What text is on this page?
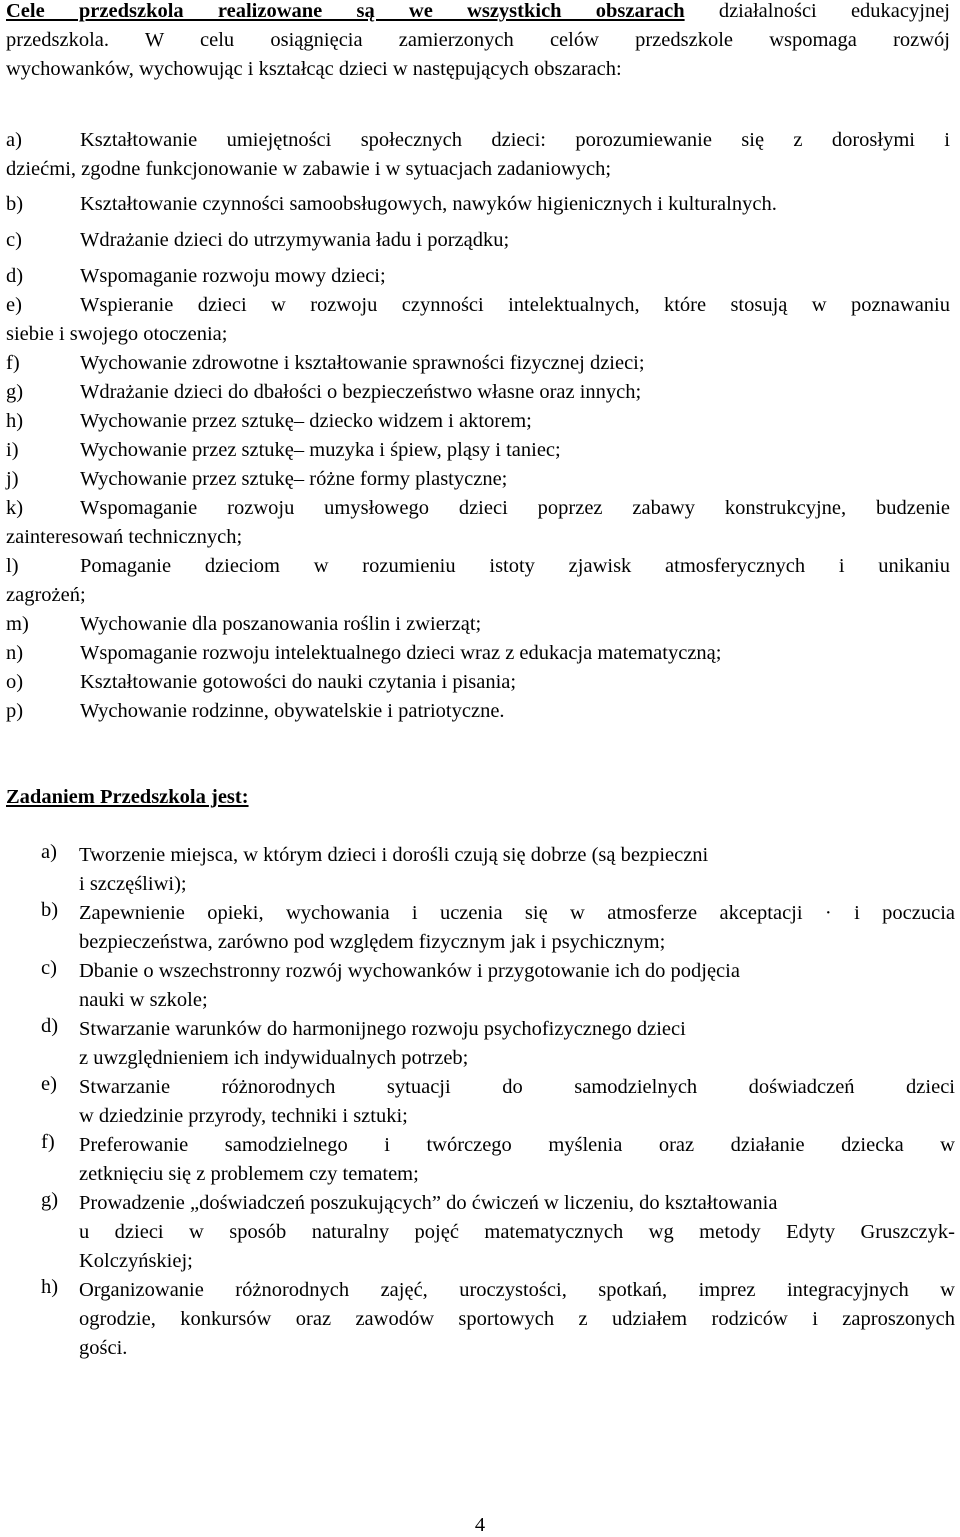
Cele przedszkola realizowane są we wszystkich obszarach działalności edukacyjnej
przedszkola. W celu osiągnięcia zamierzonych celów przedszkole wspomaga rozwój
wychowanków, wychowując i kształcąc dzieci w następujących obszarach:
a)	Kształtowanie umiejętności społecznych dzieci: porozumiewanie się z dorosłymi i
dziećmi, zgodne funkcjonowanie w zabawie i w sytuacjach zadaniowych;
b)	Kształtowanie czynności samoobsługowych, nawyków higienicznych i kulturalnych.
c)	Wdrażanie dzieci do utrzymywania ładu i porządku;
d)	Wspomaganie rozwoju mowy dzieci;
e)	Wspieranie dzieci w rozwoju czynności intelektualnych, które stosują w poznawaniu
siebie i swojego otoczenia;
f)	Wychowanie zdrowotne i kształtowanie sprawności fizycznej dzieci;
g)	Wdrażanie dzieci do dbałości o bezpieczeństwo własne oraz innych;
h)	Wychowanie przez sztukę– dziecko widzem i aktorem;
i)	Wychowanie przez sztukę– muzyka i śpiew, pląsy i taniec;
j)	Wychowanie przez sztukę– różne formy plastyczne;
k)	Wspomaganie rozwoju umysłowego dzieci poprzez zabawy konstrukcyjne, budzenie
zainteresowań technicznych;
l)	Pomaganie dzieciom w rozumieniu istoty zjawisk atmosferycznych i unikaniu
zagrożeń;
m) Wychowanie dla poszanowania roślin i zwierząt;
n)	Wspomaganie rozwoju intelektualnego dzieci wraz z edukacja matematyczną;
o)	Kształtowanie gotowości do nauki czytania i pisania;
p)	Wychowanie rodzinne, obywatelskie i patriotyczne.
Zadaniem Przedszkola jest:
a)	Tworzenie miejsca, w którym dzieci i dorośli czują się dobrze (są bezpieczni
i szczęśliwi);
b)	Zapewnienie opieki, wychowania i uczenia się w atmosferze akceptacji · i poczucia
bezpieczeństwa, zarówno pod względem fizycznym jak i psychicznym;
c)	Dbanie o wszechstronny rozwój wychowanków i przygotowanie ich do podjęcia
nauki w szkole;
d)	Stwarzanie warunków do harmonijnego rozwoju psychofizycznego dzieci
z uwzględnieniem ich indywidualnych potrzeb;
e)	Stwarzanie różnorodnych sytuacji do samodzielnych doświadczeń dzieci
w dziedzinie przyrody, techniki i sztuki;
f)	Preferowanie samodzielnego i twórczego myślenia oraz działanie dziecka w
zetknięciu się z problemem czy tematem;
g)	Prowadzenie „doświadczeń poszukujących” do ćwiczeń w liczeniu, do kształtowania
u dzieci w sposób naturalny pojęć matematycznych wg metody Edyty Gruszczyk-
Kolczyńskiej;
h)	Organizowanie różnorodnych zajęć, uroczystości, spotkań, imprez integracyjnych w
ogrodzie, konkursów oraz zawodów sportowych z udziałem rodziców i zaproszonych
gości.
4
